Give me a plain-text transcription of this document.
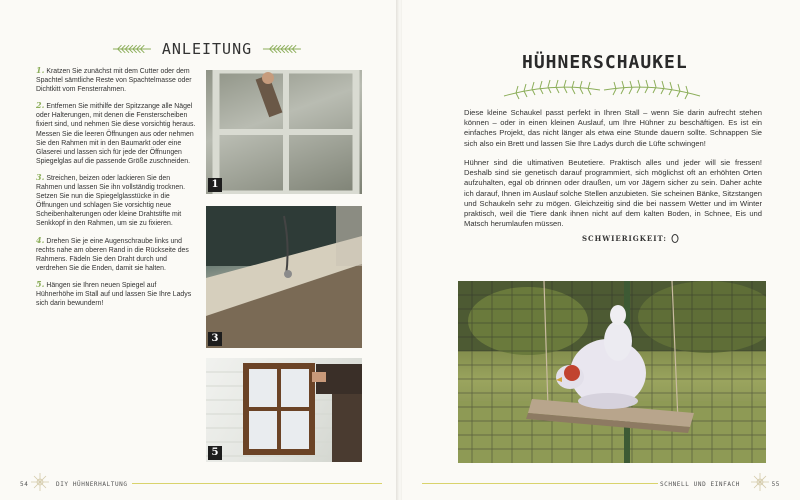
ANLEITUNG

1. Kratzen Sie zunächst mit dem Cutter oder dem Spachtel sämtliche Reste von Spachtelmasse oder Dichtkitt vom Fensterrahmen.

2. Entfernen Sie mithilfe der Spitzzange alle Nägel oder Halterungen, mit denen die Fensterscheiben fixiert sind, und nehmen Sie diese vorsichtig heraus. Messen Sie die leeren Öffnungen aus oder nehmen Sie den Rahmen mit in den Baumarkt oder eine Glaserei und lassen sich für jede der Öffnungen Spiegelglas auf die passende Größe zuschneiden.

3. Streichen, beizen oder lackieren Sie den Rahmen und lassen Sie ihn vollständig trocknen. Setzen Sie nun die Spiegelglasstücke in die Öffnungen und schlagen Sie vorsichtig neue Scheibenhalterungen oder kleine Drahtstifte mit Senkkopf in den Rahmen, um sie zu fixieren.

4. Drehen Sie je eine Augenschraube links und rechts nahe am oberen Rand in die Rückseite des Rahmens. Fädeln Sie den Draht durch und verdrehen Sie die Enden, damit sie halten.

5. Hängen sie Ihren neuen Spiegel auf Hühnerhöhe im Stall auf und lassen Sie Ihre Ladys sich darin bewundern!

1
3
5
54	DIY HÜHNERHALTUNG
HÜHNERSCHAUKEL

Diese kleine Schaukel passt perfekt in Ihren Stall – wenn Sie darin aufrecht stehen können – oder in einen kleinen Auslauf, um Ihre Hühner zu beschäftigen. Es ist ein einfaches Projekt, das nicht länger als etwa eine Stunde dauern sollte. Schnappen Sie sich also ein Brett und lassen Sie Ihre Ladys durch die Lüfte schwingen!

Hühner sind die ultimativen Beutetiere. Praktisch alles und jeder will sie fressen! Deshalb sind sie genetisch darauf programmiert, sich möglichst oft an erhöhten Orten aufzuhalten, egal ob drinnen oder draußen, um vor Jägern sicher zu sein. Daher achte ich darauf, Ihnen im Auslauf solche Stellen anzubieten. Sie scheinen Bänke, Sitzstangen und Schaukeln sehr zu mögen. Gleichzeitig sind die bei nassem Wetter und im Winter praktisch, weil die Tiere dank ihnen nicht auf dem kalten Boden, in Schnee, Eis und Matsch herumlaufen müssen.

SCHWIERIGKEIT:
SCHNELL UND EINFACH	55
